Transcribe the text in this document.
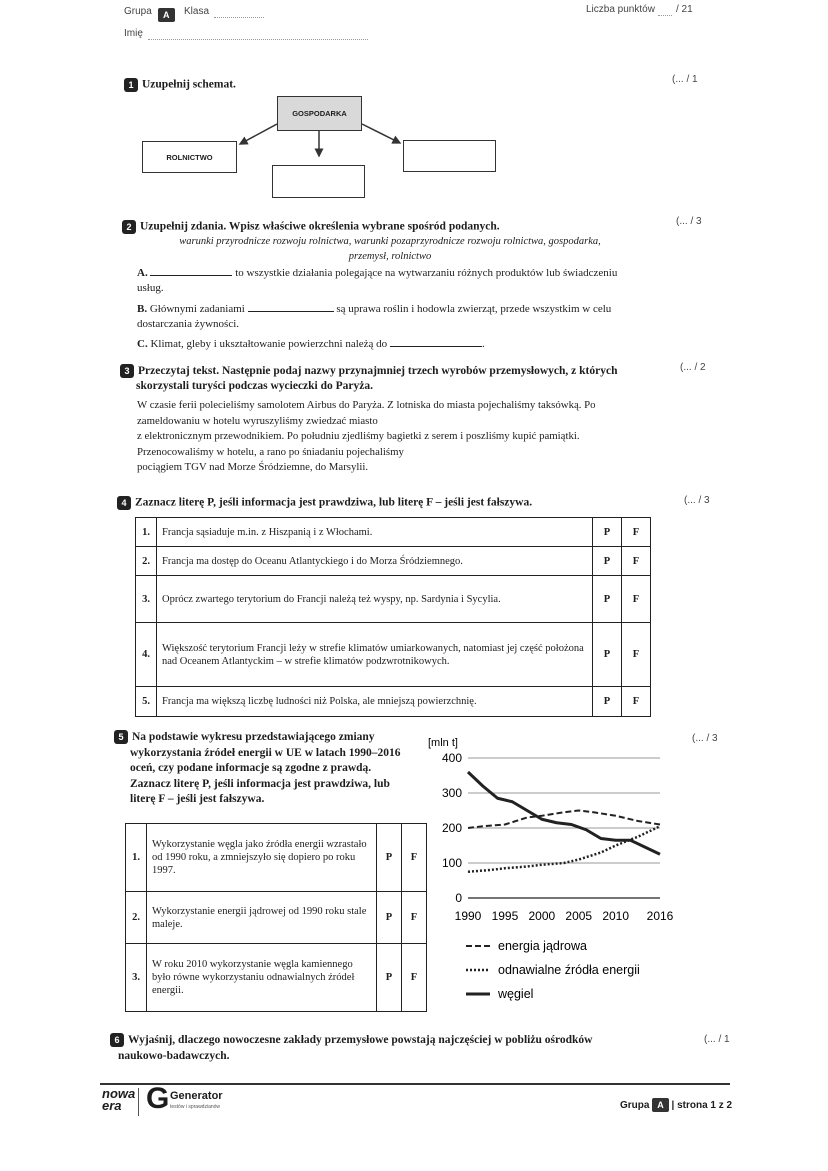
Grupa	A	Klasa	Liczba punktów / 21
Imię
1 Uzupełnij schemat.	(... / 1
GOSPODARKA
ROLNICTWO
2 Uzupełnij zdania. Wpisz właściwe określenia wybrane spośród podanych.	(... / 3
warunki przyrodnicze rozwoju rolnictwa, warunki pozaprzyrodnicze rozwoju rolnictwa, gospodarka,
przemysł, rolnictwo
A.	to wszystkie działania polegające na wytwarzaniu różnych produktów lub świadczeniu
usług.
B. Głównymi zadaniami	są uprawa roślin i hodowla zwierząt, przede wszystkim w celu
dostarczania żywności.
C. Klimat, gleby i ukształtowanie powierzchni należą do	.
3 Przeczytaj tekst. Następnie podaj nazwy przynajmniej trzech wyrobów przemysłowych, z których
skorzystali turyści podczas wycieczki do Paryża.
(... / 2
W czasie ferii polecieliśmy samolotem Airbus do Paryża. Z lotniska do miasta pojechaliśmy taksówką. Po
zameldowaniu w hotelu wyruszyliśmy zwiedzać miasto
z elektronicznym przewodnikiem. Po południu zjedliśmy bagietki z serem i poszliśmy kupić pamiątki.
Przenocowaliśmy w hotelu, a rano po śniadaniu pojechaliśmy
pociągiem TGV nad Morze Śródziemne, do Marsylii.
4 Zaznacz literę P, jeśli informacja jest prawdziwa, lub literę F – jeśli jest fałszywa.	(... / 3
1.	Francja sąsiaduje m.in. z Hiszpanią i z Włochami.	P	F
2.	Francja ma dostęp do Oceanu Atlantyckiego i do Morza Śródziemnego.	P	F
3.	Oprócz zwartego terytorium do Francji należą też wyspy, np. Sardynia i Sycylia.	P	F
4.	Większość terytorium Francji leży w strefie klimatów umiarkowanych, natomiast jej część położona nad Oceanem Atlantyckim – w strefie klimatów podzwrotnikowych.	P	F
5.	Francja ma większą liczbę ludności niż Polska, ale mniejszą powierzchnię.	P	F
5 Na podstawie wykresu przedstawiającego zmiany
wykorzystania źródeł energii w UE w latach 1990–2016
oceń, czy podane informacje są zgodne z prawdą.
Zaznacz literę P, jeśli informacja jest prawdziwa, lub
literę F – jeśli jest fałszywa.
(... / 3
1.	Wykorzystanie węgla jako źródła energii wzrastało od 1990 roku, a zmniejszyło się dopiero po roku 1997.	P	F
2.	Wykorzystanie energii jądrowej od 1990 roku stale maleje.	P	F
3.	W roku 2010 wykorzystanie węgla kamiennego było równe wykorzystaniu odnawialnych źródeł energii.	P	F
[mln t]
0
100
200
300
400
1990 1995 2000 2005 2010 2016
energia jądrowa
odnawialne źródła energii
węgiel
6 Wyjaśnij, dlaczego nowoczesne zakłady przemysłowe powstają najczęściej w pobliżu ośrodków
naukowo-badawczych.
(... / 1
nowa
era G Generator
testów i sprawdzianów	Grupa A | strona 1 z 2
